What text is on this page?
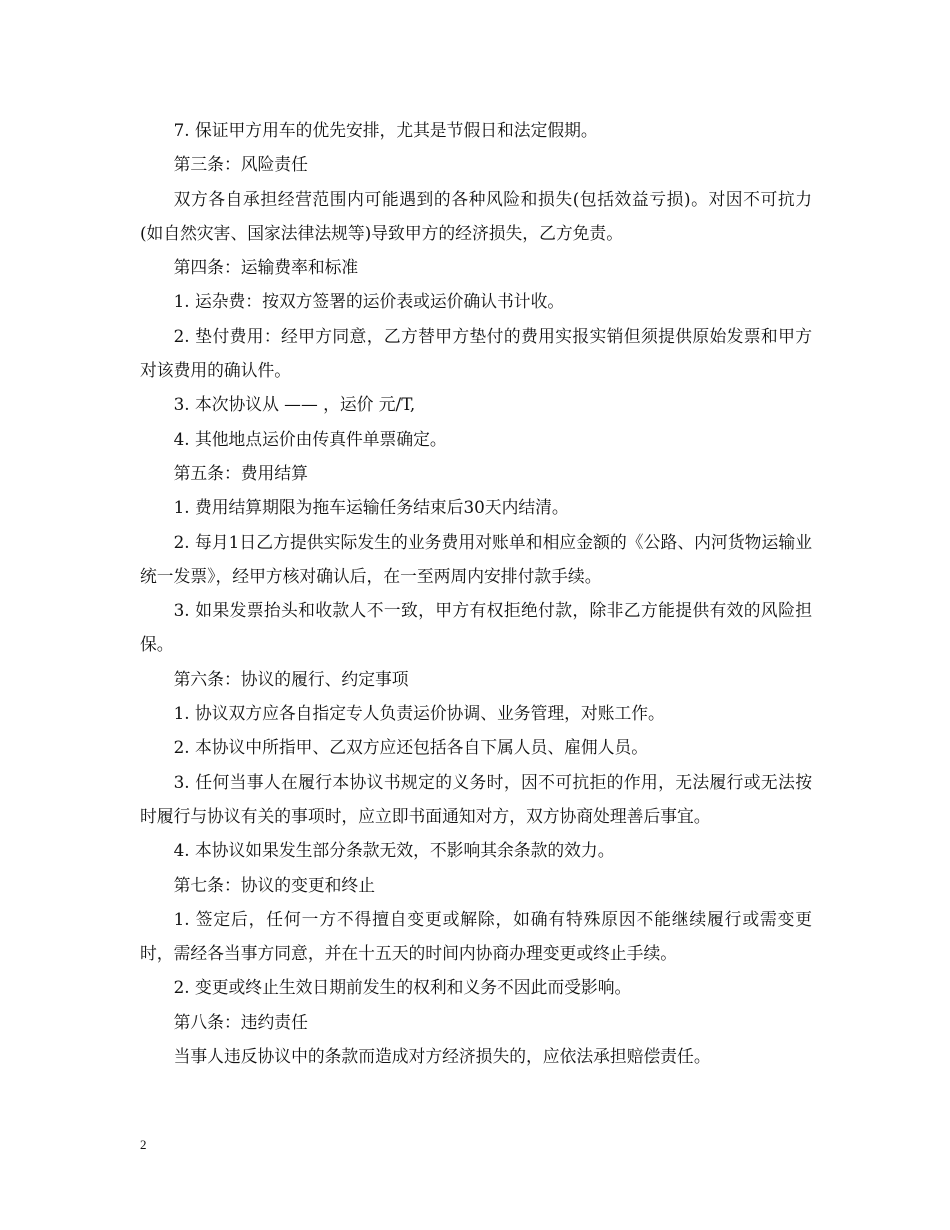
7. 保证甲方用车的优先安排，尤其是节假日和法定假期。

第三条：风险责任

双方各自承担经营范围内可能遇到的各种风险和损失(包括效益亏损)。对因不可抗力(如自然灾害、国家法律法规等)导致甲方的经济损失，乙方免责。

第四条：运输费率和标准

1. 运杂费：按双方签署的运价表或运价确认书计收。

2. 垫付费用：经甲方同意，乙方替甲方垫付的费用实报实销但须提供原始发票和甲方对该费用的确认件。

3. 本次协议从 —— ，运价 元/T,

4. 其他地点运价由传真件单票确定。

第五条：费用结算

1. 费用结算期限为拖车运输任务结束后30天内结清。

2. 每月1日乙方提供实际发生的业务费用对账单和相应金额的《公路、内河货物运输业统一发票》，经甲方核对确认后，在一至两周内安排付款手续。

3. 如果发票抬头和收款人不一致，甲方有权拒绝付款，除非乙方能提供有效的风险担保。

第六条：协议的履行、约定事项

1. 协议双方应各自指定专人负责运价协调、业务管理，对账工作。

2. 本协议中所指甲、乙双方应还包括各自下属人员、雇佣人员。

3. 任何当事人在履行本协议书规定的义务时，因不可抗拒的作用，无法履行或无法按时履行与协议有关的事项时，应立即书面通知对方，双方协商处理善后事宜。

4. 本协议如果发生部分条款无效，不影响其余条款的效力。

第七条：协议的变更和终止

1. 签定后，任何一方不得擅自变更或解除，如确有特殊原因不能继续履行或需变更时，需经各当事方同意，并在十五天的时间内协商办理变更或终止手续。

2. 变更或终止生效日期前发生的权利和义务不因此而受影响。

第八条：违约责任

当事人违反协议中的条款而造成对方经济损失的，应依法承担赔偿责任。

2
